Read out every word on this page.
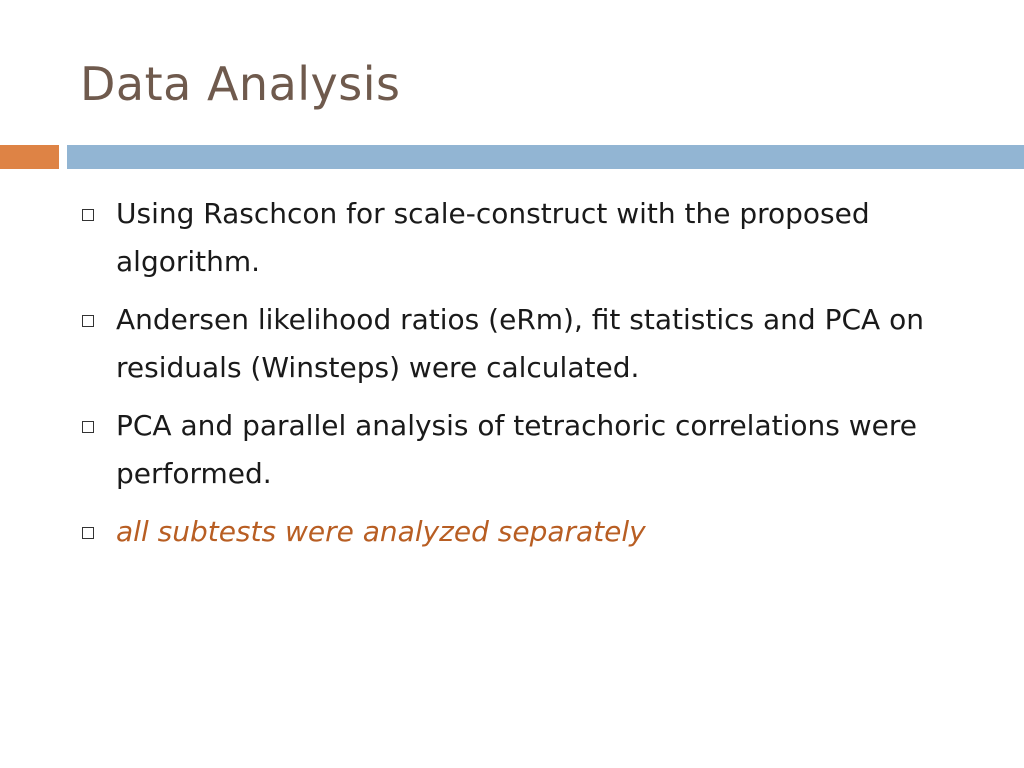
Data Analysis
Using Raschcon for scale-construct with the proposed algorithm.
Andersen likelihood ratios (eRm), fit statistics and PCA on residuals (Winsteps) were calculated.
PCA and parallel analysis of tetrachoric correlations were performed.
all subtests were analyzed separately
